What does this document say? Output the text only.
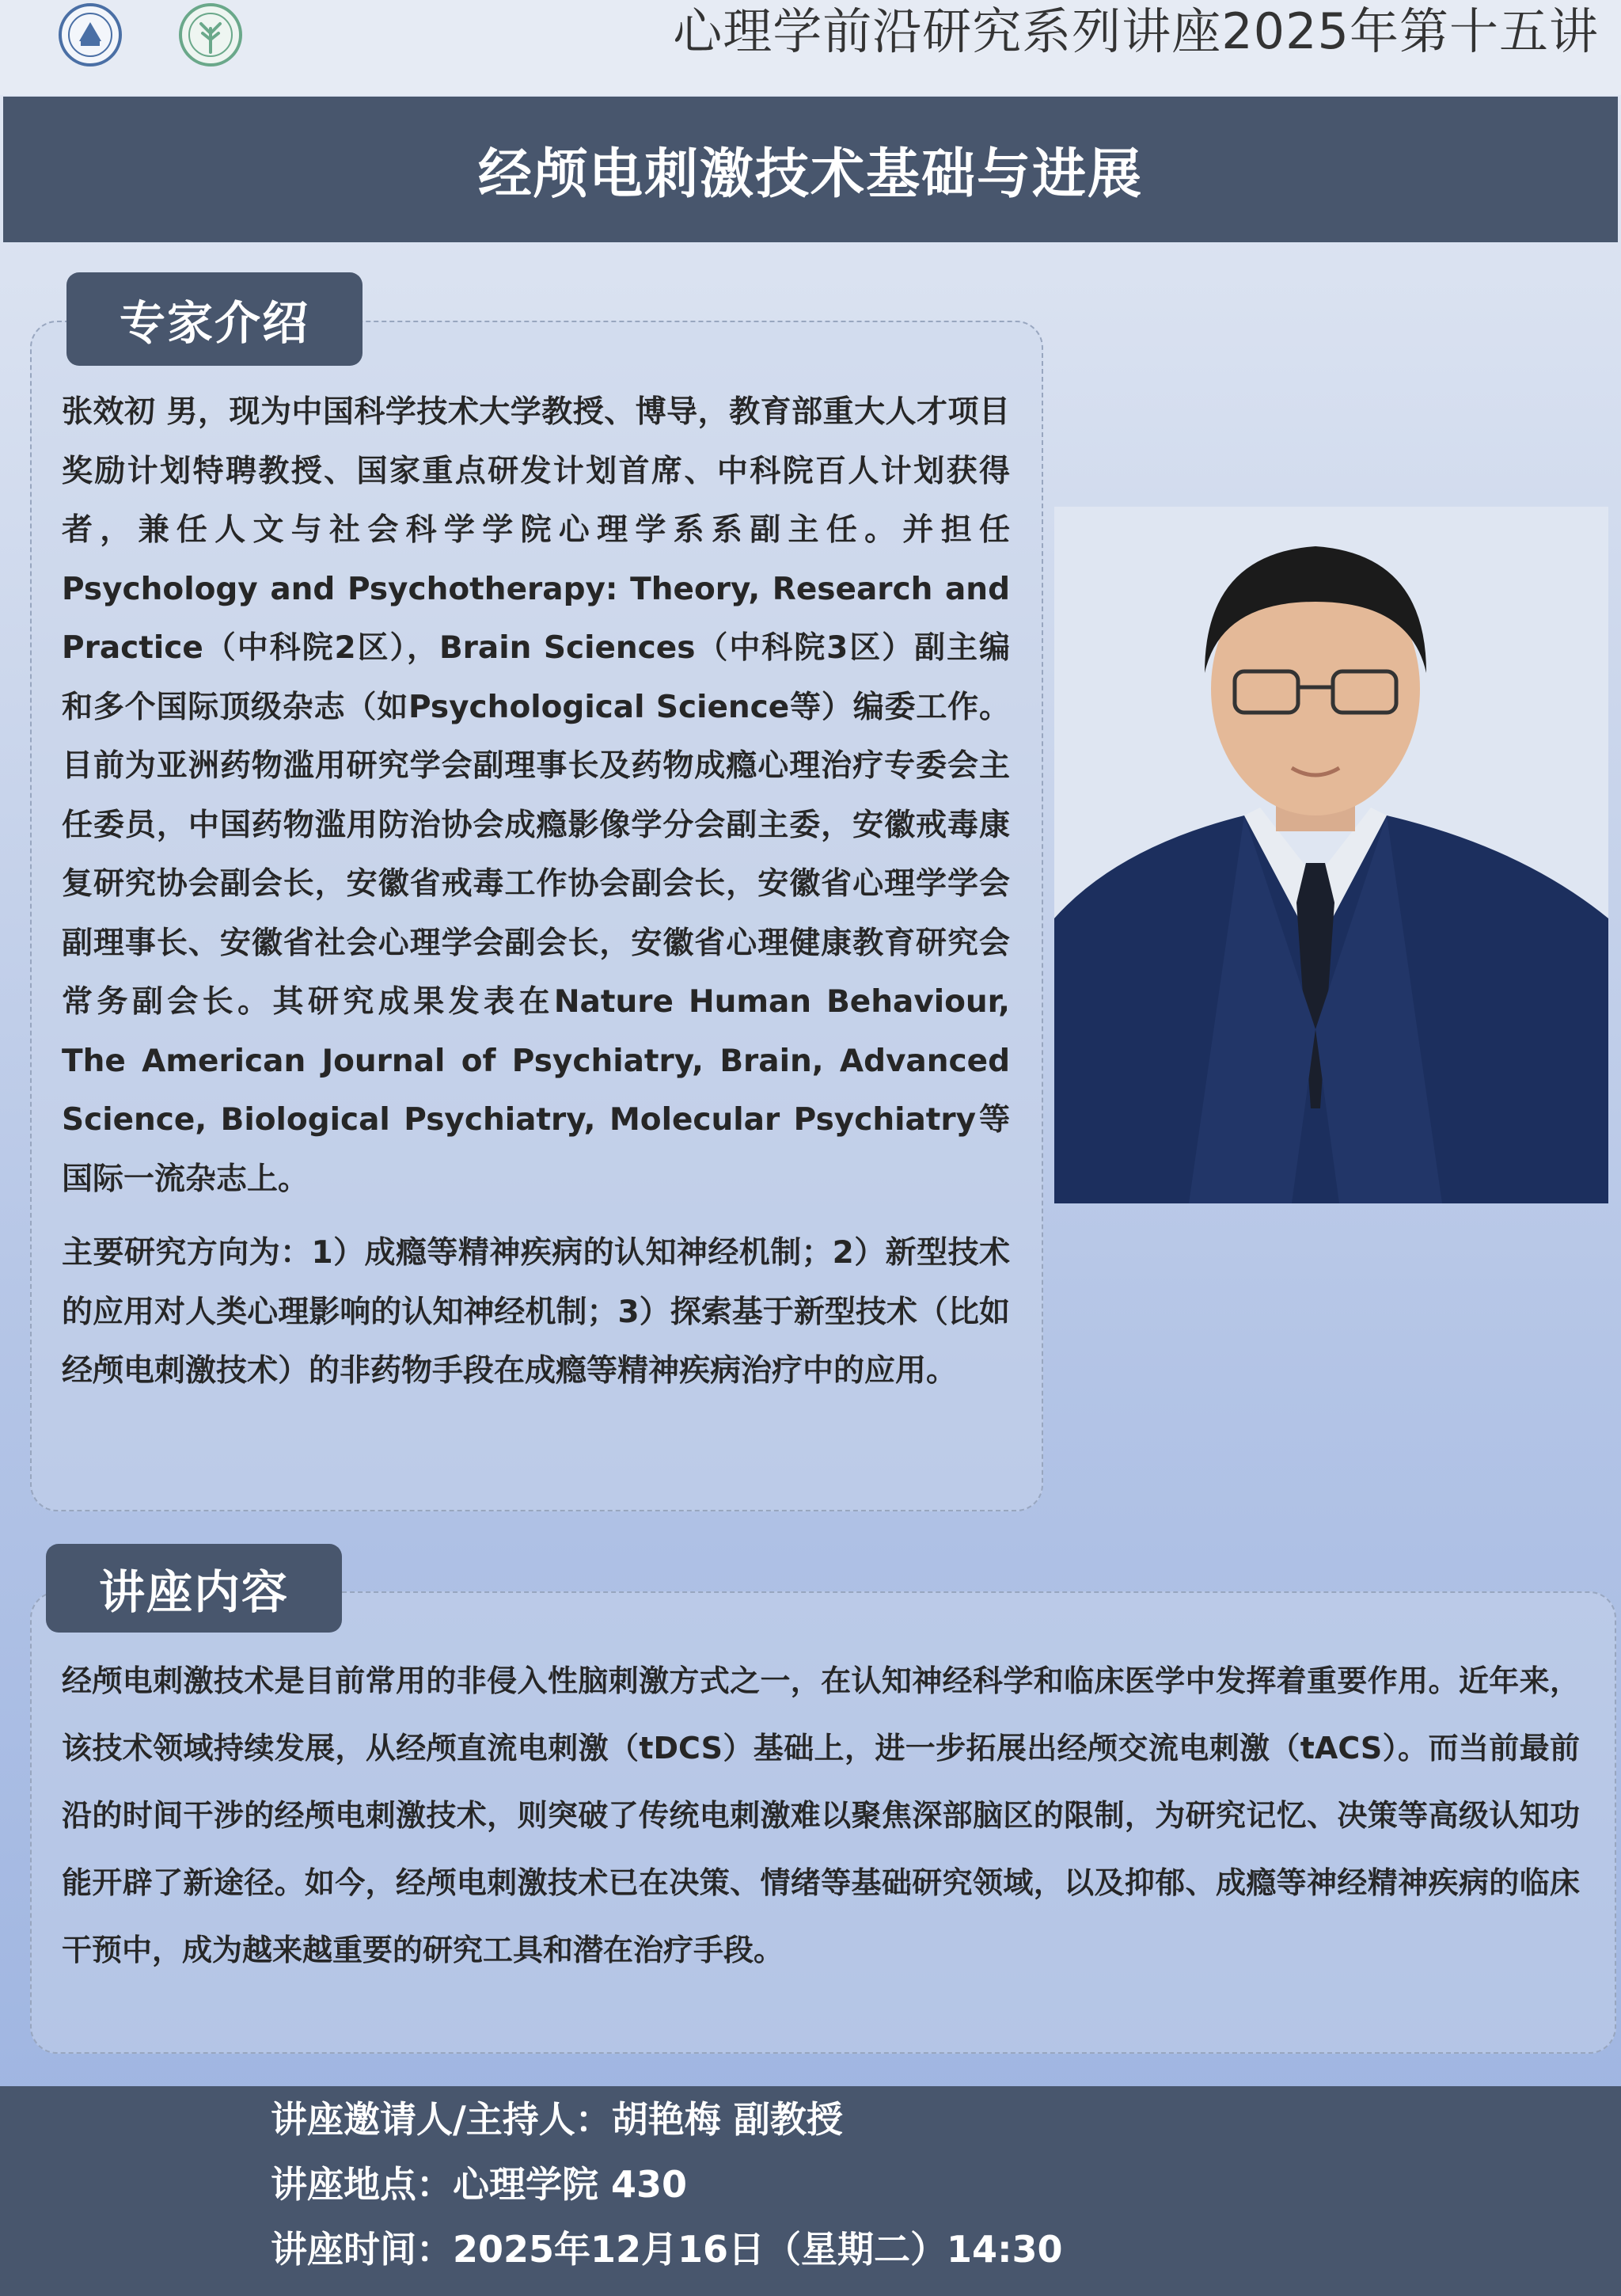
心理学前沿研究系列讲座2025年第十五讲
经颅电刺激技术基础与进展
专家介绍

张效初 男，现为中国科学技术大学教授、博导，教育部重大人才项目奖励计划特聘教授、国家重点研发计划首席、中科院百人计划获得者，兼任人文与社会科学学院心理学系系副主任。并担任Psychology and Psychotherapy: Theory, Research and Practice（中科院2区），Brain Sciences（中科院3区）副主编和多个国际顶级杂志（如Psychological Science等）编委工作。目前为亚洲药物滥用研究学会副理事长及药物成瘾心理治疗专委会主任委员，中国药物滥用防治协会成瘾影像学分会副主委，安徽戒毒康复研究协会副会长，安徽省戒毒工作协会副会长，安徽省心理学学会副理事长、安徽省社会心理学会副会长，安徽省心理健康教育研究会常务副会长。其研究成果发表在Nature Human Behaviour, The American Journal of Psychiatry, Brain, Advanced Science, Biological Psychiatry, Molecular Psychiatry等国际一流杂志上。

主要研究方向为：1）成瘾等精神疾病的认知神经机制；2）新型技术的应用对人类心理影响的认知神经机制；3）探索基于新型技术（比如经颅电刺激技术）的非药物手段在成瘾等精神疾病治疗中的应用。

讲座内容

经颅电刺激技术是目前常用的非侵入性脑刺激方式之一，在认知神经科学和临床医学中发挥着重要作用。近年来，该技术领域持续发展，从经颅直流电刺激（tDCS）基础上，进一步拓展出经颅交流电刺激（tACS）。而当前最前沿的时间干涉的经颅电刺激技术，则突破了传统电刺激难以聚焦深部脑区的限制，为研究记忆、决策等高级认知功能开辟了新途径。如今，经颅电刺激技术已在决策、情绪等基础研究领域，以及抑郁、成瘾等神经精神疾病的临床干预中，成为越来越重要的研究工具和潜在治疗手段。

讲座邀请人/主持人：胡艳梅 副教授
讲座地点：心理学院 430
讲座时间：2025年12月16日（星期二）14:30
